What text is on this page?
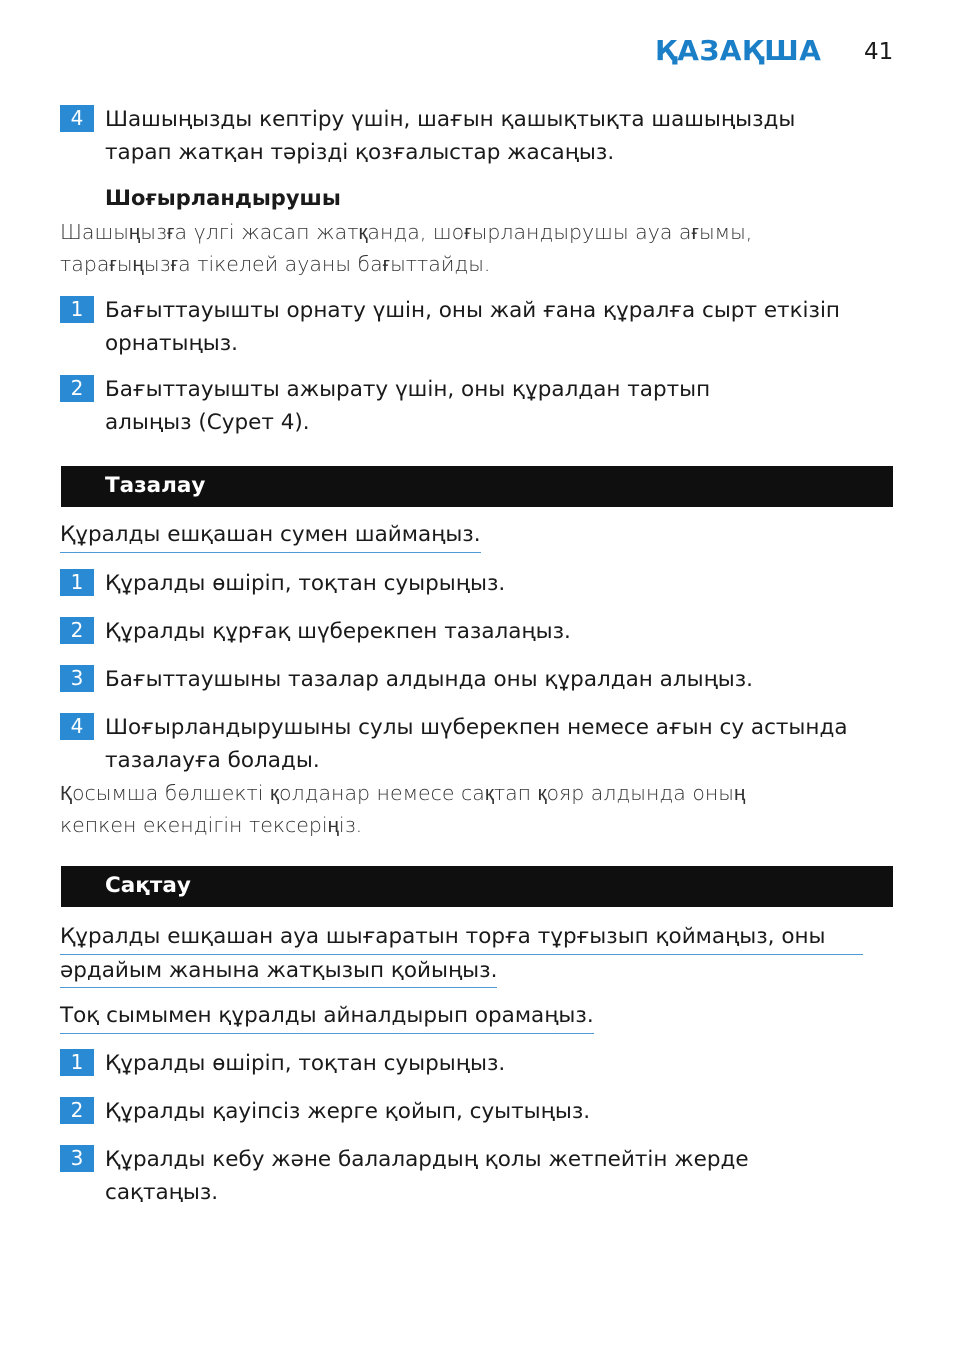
ҚАЗАҚША 41
4	Шашыңызды кептіру үшін, шағын қашықтықта шашыңызды
тарап жатқан тәрізді қозғалыстар жасаңыз.
Шоғырландырушы
Шашыңызға үлгі жасап жатқанда, шоғырландырушы ауа ағымы,
тарағыңызға тікелей ауаны бағыттайды.
1	Бағыттауышты орнату үшін, оны жай ғана құралға сырт еткізіп
орнатыңыз.
2	Бағыттауышты ажырату үшін, оны құралдан тартып
алыңыз (Сурет 4).
Тазалау
Құралды ешқашан сумен шаймаңыз.
1	Құралды өшіріп, тоқтан суырыңыз.
2	Құралды құрғақ шүберекпен тазалаңыз.
3	Бағыттаушыны тазалар алдында оны құралдан алыңыз.
4	Шоғырландырушыны сулы шүберекпен немесе ағын су астында
тазалауға болады.
Қосымша бөлшекті қолданар немесе сақтап қояр алдында оның
кепкен екендігін тексеріңіз.
Сақтау
Құралды ешқашан ауа шығаратын торға тұрғызып қоймаңыз, оны
әрдайым жанына жатқызып қойыңыз.
Тоқ сымымен құралды айналдырып орамаңыз.
1	Құралды өшіріп, тоқтан суырыңыз.
2	Құралды қауіпсіз жерге қойып, суытыңыз.
3	Құралды кебу және балалардың қолы жетпейтін жерде
сақтаңыз.
